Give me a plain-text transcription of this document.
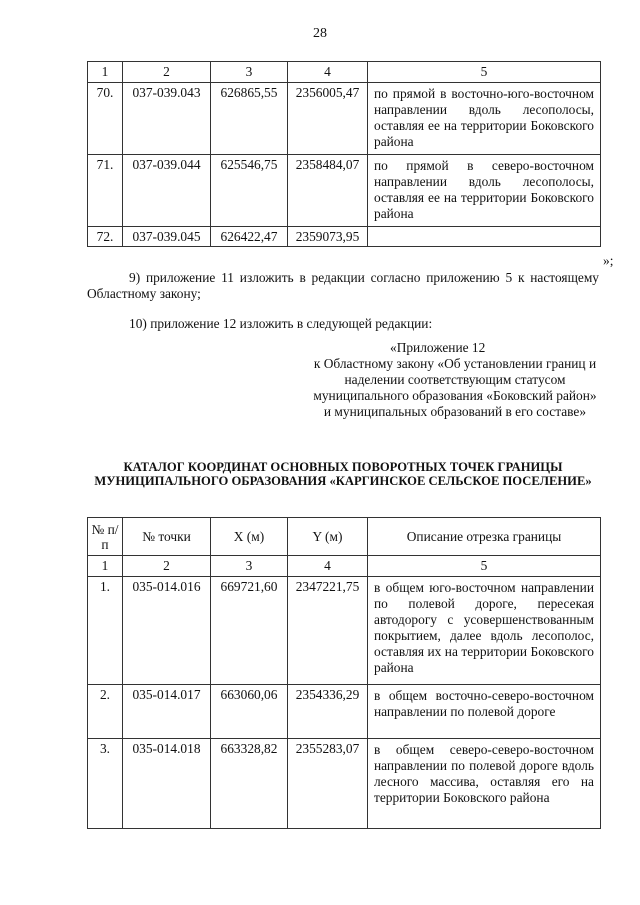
28
1	2	3	4	5
70.	037-039.043	626865,55	2356005,47	по прямой в восточно-юго-восточном направлении вдоль лесополосы, оставляя ее на территории Боковского района
71.	037-039.044	625546,75	2358484,07	по прямой в северо-восточном направлении вдоль лесополосы, оставляя ее на территории Боковского района
72.	037-039.045	626422,47	2359073,95	
»;
9) приложение 11 изложить в редакции согласно приложению 5 к настоящему Областному закону;
10) приложение 12 изложить в следующей редакции:
«Приложение 12
к Областному закону «Об установлении границ и наделении соответствующим статусом муниципального образования «Боковский район» и муниципальных образований в его составе»
КАТАЛОГ КООРДИНАТ ОСНОВНЫХ ПОВОРОТНЫХ ТОЧЕК ГРАНИЦЫ МУНИЦИПАЛЬНОГО ОБРАЗОВАНИЯ «КАРГИНСКОЕ СЕЛЬСКОЕ ПОСЕЛЕНИЕ»
№ п/п	№ точки	X (м)	Y (м)	Описание отрезка границы
1	2	3	4	5
1.	035-014.016	669721,60	2347221,75	в общем юго-восточном направлении по полевой дороге, пересекая автодорогу с усовершенствованным покрытием, далее вдоль лесополос, оставляя их на территории Боковского района
2.	035-014.017	663060,06	2354336,29	в общем восточно-северо-восточном направлении по полевой дороге
3.	035-014.018	663328,82	2355283,07	в общем северо-северо-восточном направлении по полевой дороге вдоль лесного массива, оставляя его на территории Боковского района
